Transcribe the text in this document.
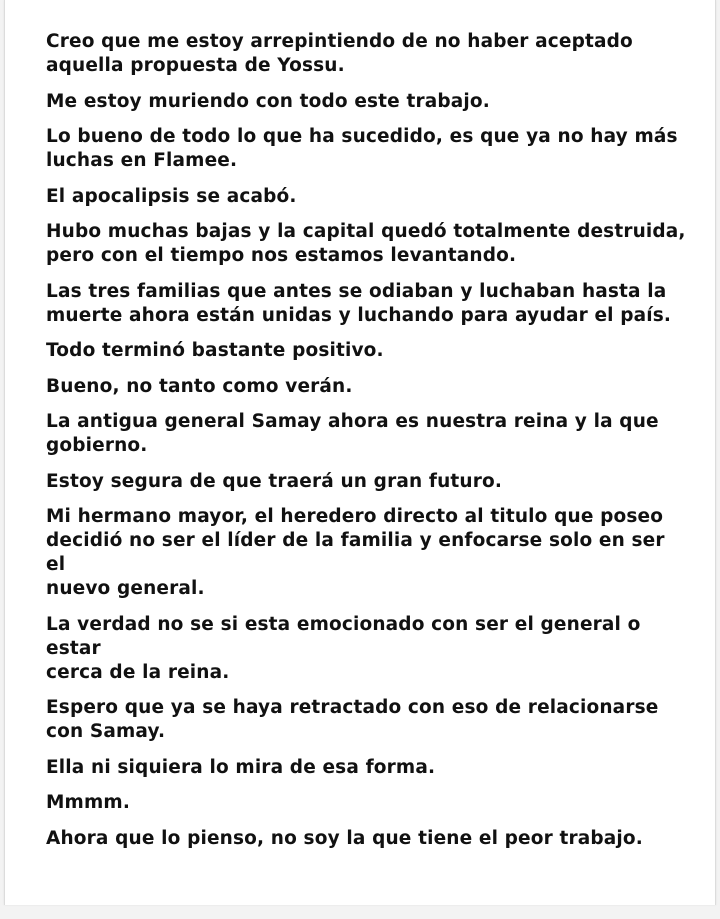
Creo que me estoy arrepintiendo de no haber aceptado
aquella propuesta de Yossu.

Me estoy muriendo con todo este trabajo.

Lo bueno de todo lo que ha sucedido, es que ya no hay más
luchas en Flamee.

El apocalipsis se acabó.

Hubo muchas bajas y la capital quedó totalmente destruida,
pero con el tiempo nos estamos levantando.

Las tres familias que antes se odiaban y luchaban hasta la
muerte ahora están unidas y luchando para ayudar el país.

Todo terminó bastante positivo.

Bueno, no tanto como verán.

La antigua general Samay ahora es nuestra reina y la que
gobierno.

Estoy segura de que traerá un gran futuro.

Mi hermano mayor, el heredero directo al titulo que poseo
decidió no ser el líder de la familia y enfocarse solo en ser el
nuevo general.

La verdad no se si esta emocionado con ser el general o estar
cerca de la reina.

Espero que ya se haya retractado con eso de relacionarse
con Samay.

Ella ni siquiera lo mira de esa forma.

Mmmm.

Ahora que lo pienso, no soy la que tiene el peor trabajo.
